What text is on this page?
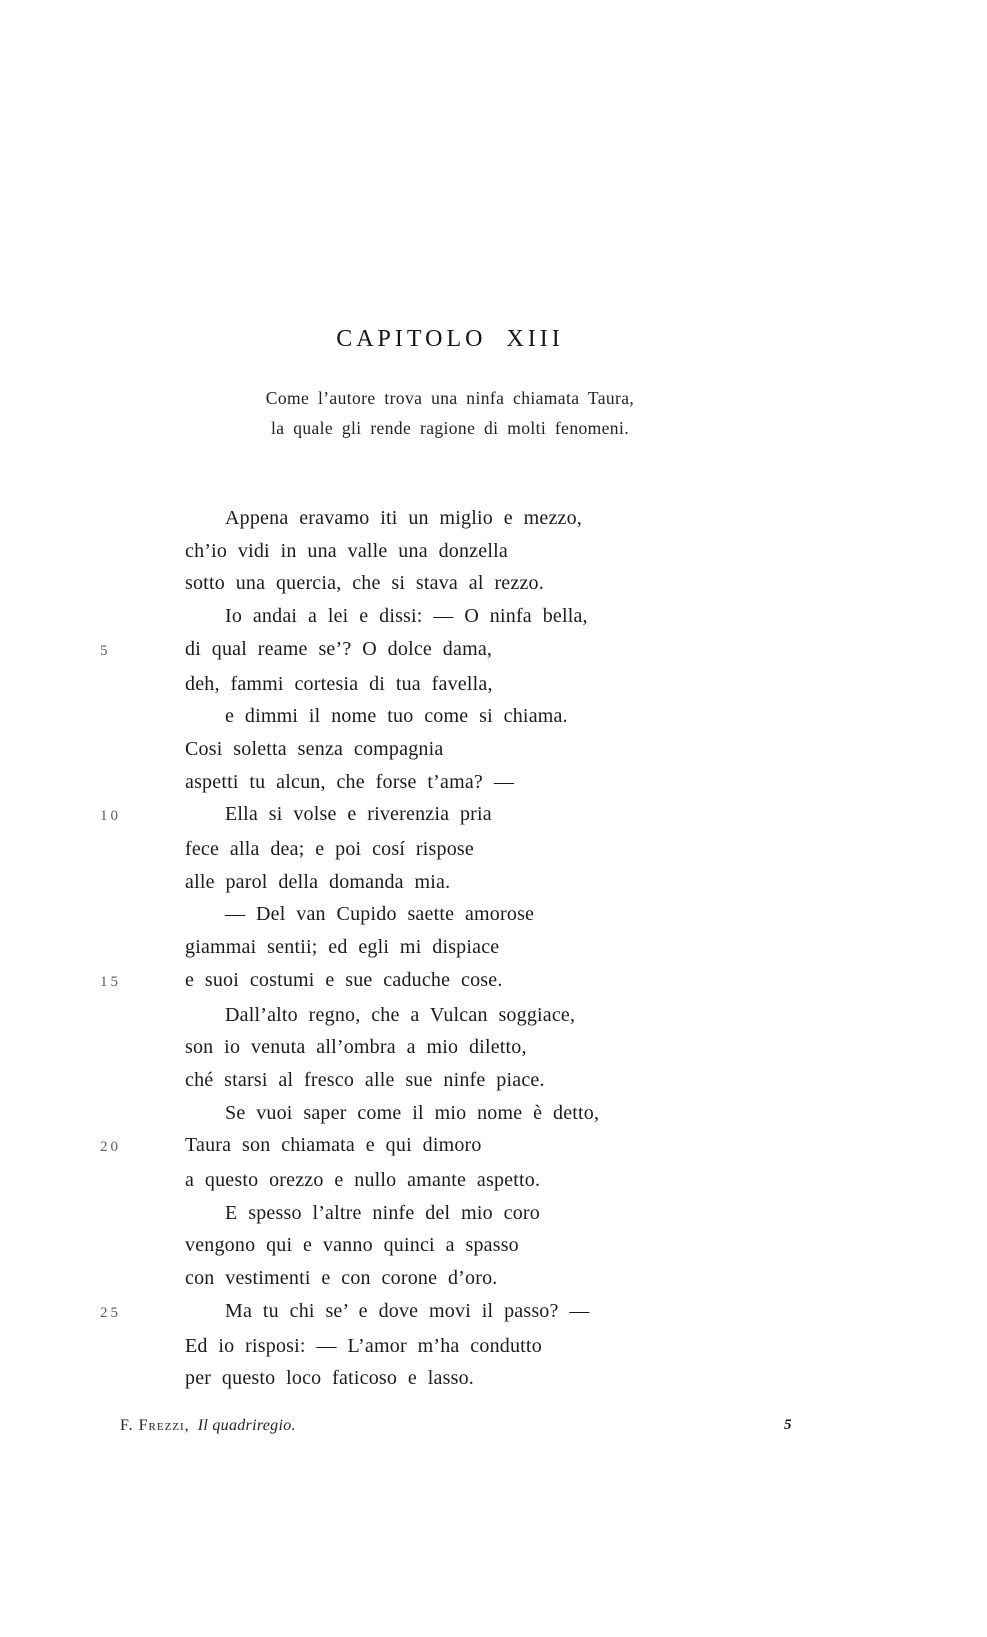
CAPITOLO XIII
Come l’autore trova una ninfa chiamata Taura,
la quale gli rende ragione di molti fenomeni.
Appena eravamo iti un miglio e mezzo,
ch’io vidi in una valle una donzella
sotto una quercia, che si stava al rezzo.
Io andai a lei e dissi: — O ninfa bella,
5	di qual reame se’? O dolce dama,
deh, fammi cortesia di tua favella,
e dimmi il nome tuo come si chiama.
Cosi soletta senza compagnia
aspetti tu alcun, che forse t’ama? —
10	Ella si volse e riverenzia pria
fece alla dea; e poi cosí rispose
alle parol della domanda mia.
— Del van Cupido saette amorose
giammai sentii; ed egli mi dispiace
15	e suoi costumi e sue caduche cose.
Dall’alto regno, che a Vulcan soggiace,
son io venuta all’ombra a mio diletto,
ché starsi al fresco alle sue ninfe piace.
Se vuoi saper come il mio nome è detto,
20	Taura son chiamata e qui dimoro
a questo orezzo e nullo amante aspetto.
E spesso l’altre ninfe del mio coro
vengono qui e vanno quinci a spasso
con vestimenti e con corone d’oro.
25	Ma tu chi se’ e dove movi il passo? —
Ed io risposi: — L’amor m’ha condutto
per questo loco faticoso e lasso.
F. Frezzi, Il quadriregio.	5
